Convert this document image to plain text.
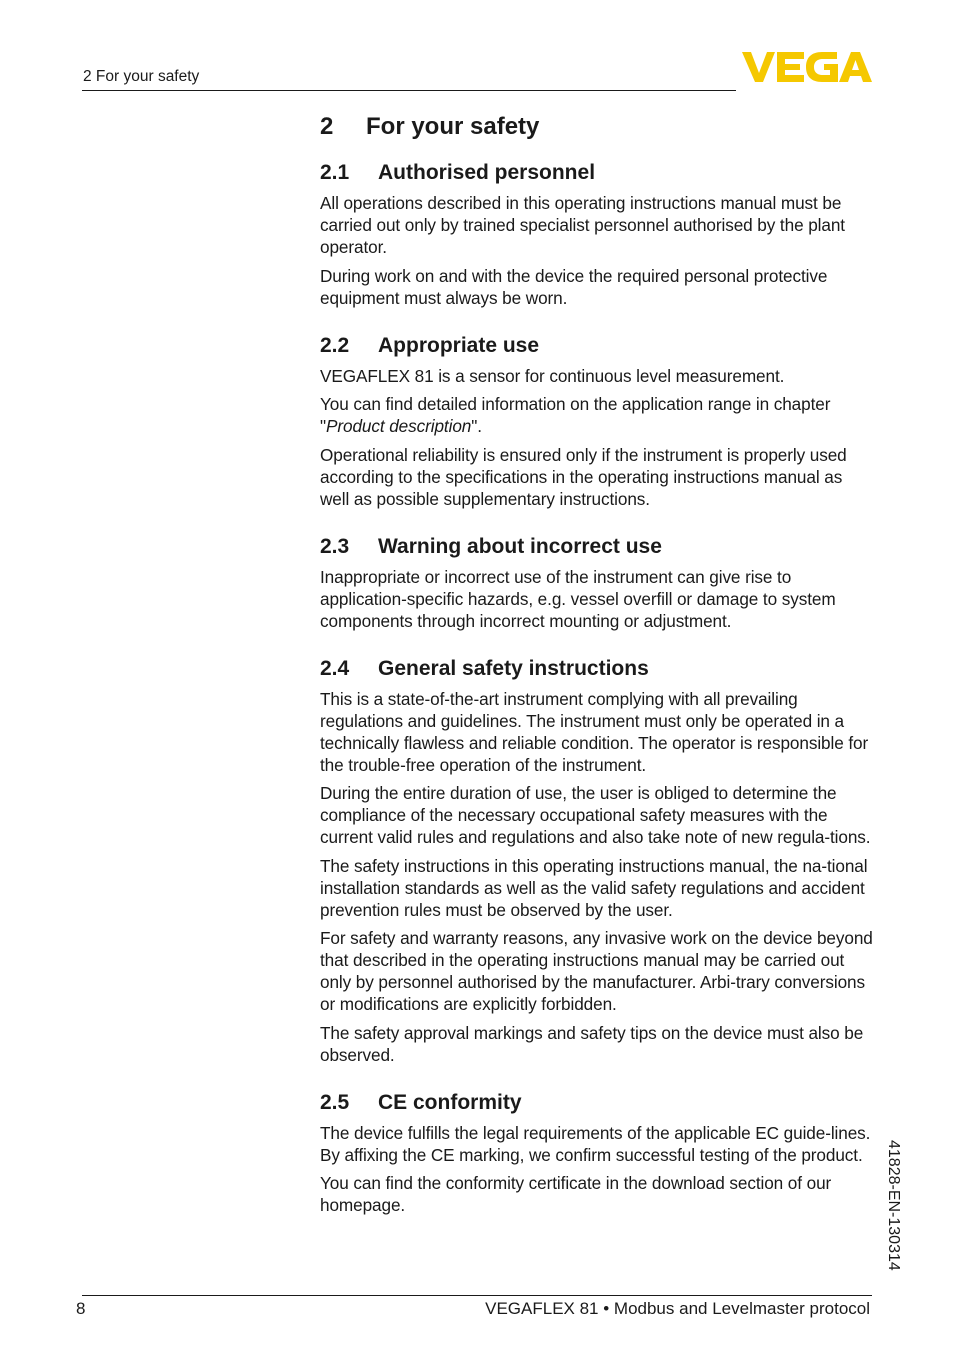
2 For your safety
2	For your safety
2.1	Authorised personnel

All operations described in this operating instructions manual must be carried out only by trained specialist personnel authorised by the plant operator.

During work on and with the device the required personal protective equipment must always be worn.

2.2	Appropriate use

VEGAFLEX 81 is a sensor for continuous level measurement.

You can find detailed information on the application range in chapter "Product description".

Operational reliability is ensured only if the instrument is properly used according to the specifications in the operating instructions manual as well as possible supplementary instructions.

2.3	Warning about incorrect use

Inappropriate or incorrect use of the instrument can give rise to application-specific hazards, e.g. vessel overfill or damage to system components through incorrect mounting or adjustment.

2.4	General safety instructions

This is a state-of-the-art instrument complying with all prevailing regulations and guidelines. The instrument must only be operated in a technically flawless and reliable condition. The operator is responsible for the trouble-free operation of the instrument.

During the entire duration of use, the user is obliged to determine the compliance of the necessary occupational safety measures with the current valid rules and regulations and also take note of new regula-tions.

The safety instructions in this operating instructions manual, the na-tional installation standards as well as the valid safety regulations and accident prevention rules must be observed by the user.

For safety and warranty reasons, any invasive work on the device beyond that described in the operating instructions manual may be carried out only by personnel authorised by the manufacturer. Arbi-trary conversions or modifications are explicitly forbidden.

The safety approval markings and safety tips on the device must also be observed.

2.5	CE conformity

The device fulfills the legal requirements of the applicable EC guide-lines. By affixing the CE marking, we confirm successful testing of the product.

You can find the conformity certificate in the download section of our homepage.	41828-EN-130314
8	VEGAFLEX 81 • Modbus and Levelmaster protocol
